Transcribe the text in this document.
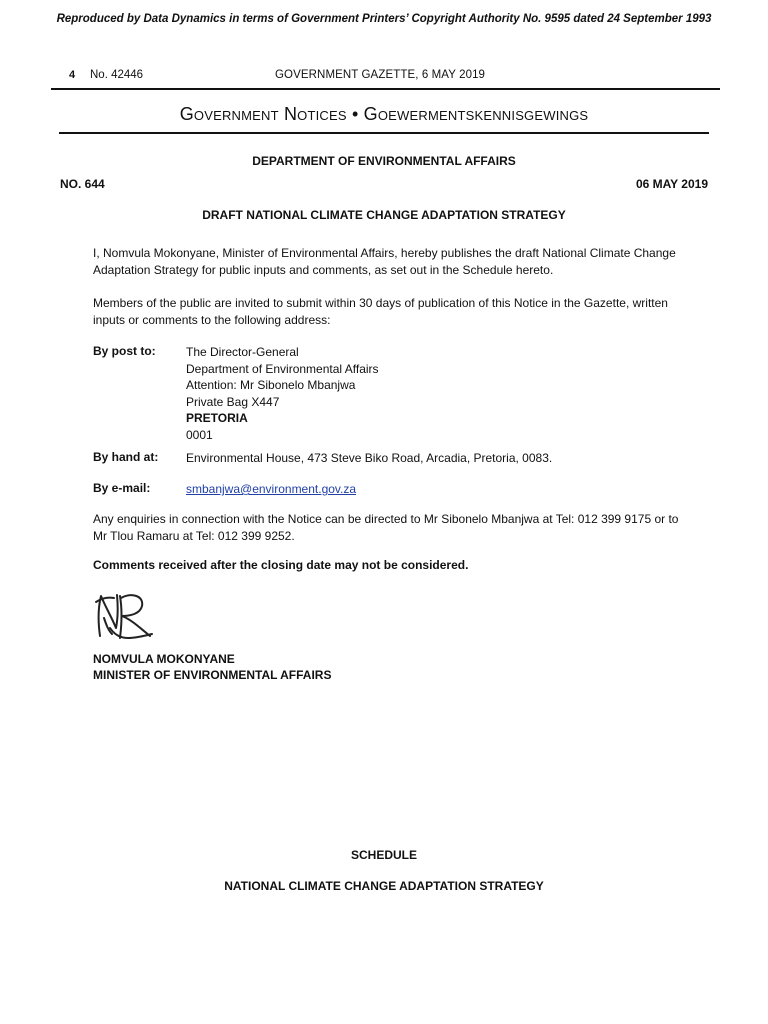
Reproduced by Data Dynamics in terms of Government Printers’ Copyright Authority No. 9595 dated 24 September 1993
4 No. 42446	GOVERNMENT GAZETTE, 6 MAY 2019
Government Notices • Goewermentskennisgewings
DEPARTMENT OF ENVIRONMENTAL AFFAIRS
NO. 644	06 MAY 2019
DRAFT NATIONAL CLIMATE CHANGE ADAPTATION STRATEGY
I, Nomvula Mokonyane, Minister of Environmental Affairs, hereby publishes the draft National Climate Change Adaptation Strategy for public inputs and comments, as set out in the Schedule hereto.
Members of the public are invited to submit within 30 days of publication of this Notice in the Gazette, written inputs or comments to the following address:
By post to:	The Director-General
Department of Environmental Affairs
Attention: Mr Sibonelo Mbanjwa
Private Bag X447
PRETORIA
0001
By hand at: Environmental House, 473 Steve Biko Road, Arcadia, Pretoria, 0083.
By e-mail:	smbanjwa@environment.gov.za
Any enquiries in connection with the Notice can be directed to Mr Sibonelo Mbanjwa at Tel: 012 399 9175 or to Mr Tlou Ramaru at Tel: 012 399 9252.
Comments received after the closing date may not be considered.
NOMVULA MOKONYANE
MINISTER OF ENVIRONMENTAL AFFAIRS
SCHEDULE
NATIONAL CLIMATE CHANGE ADAPTATION STRATEGY
